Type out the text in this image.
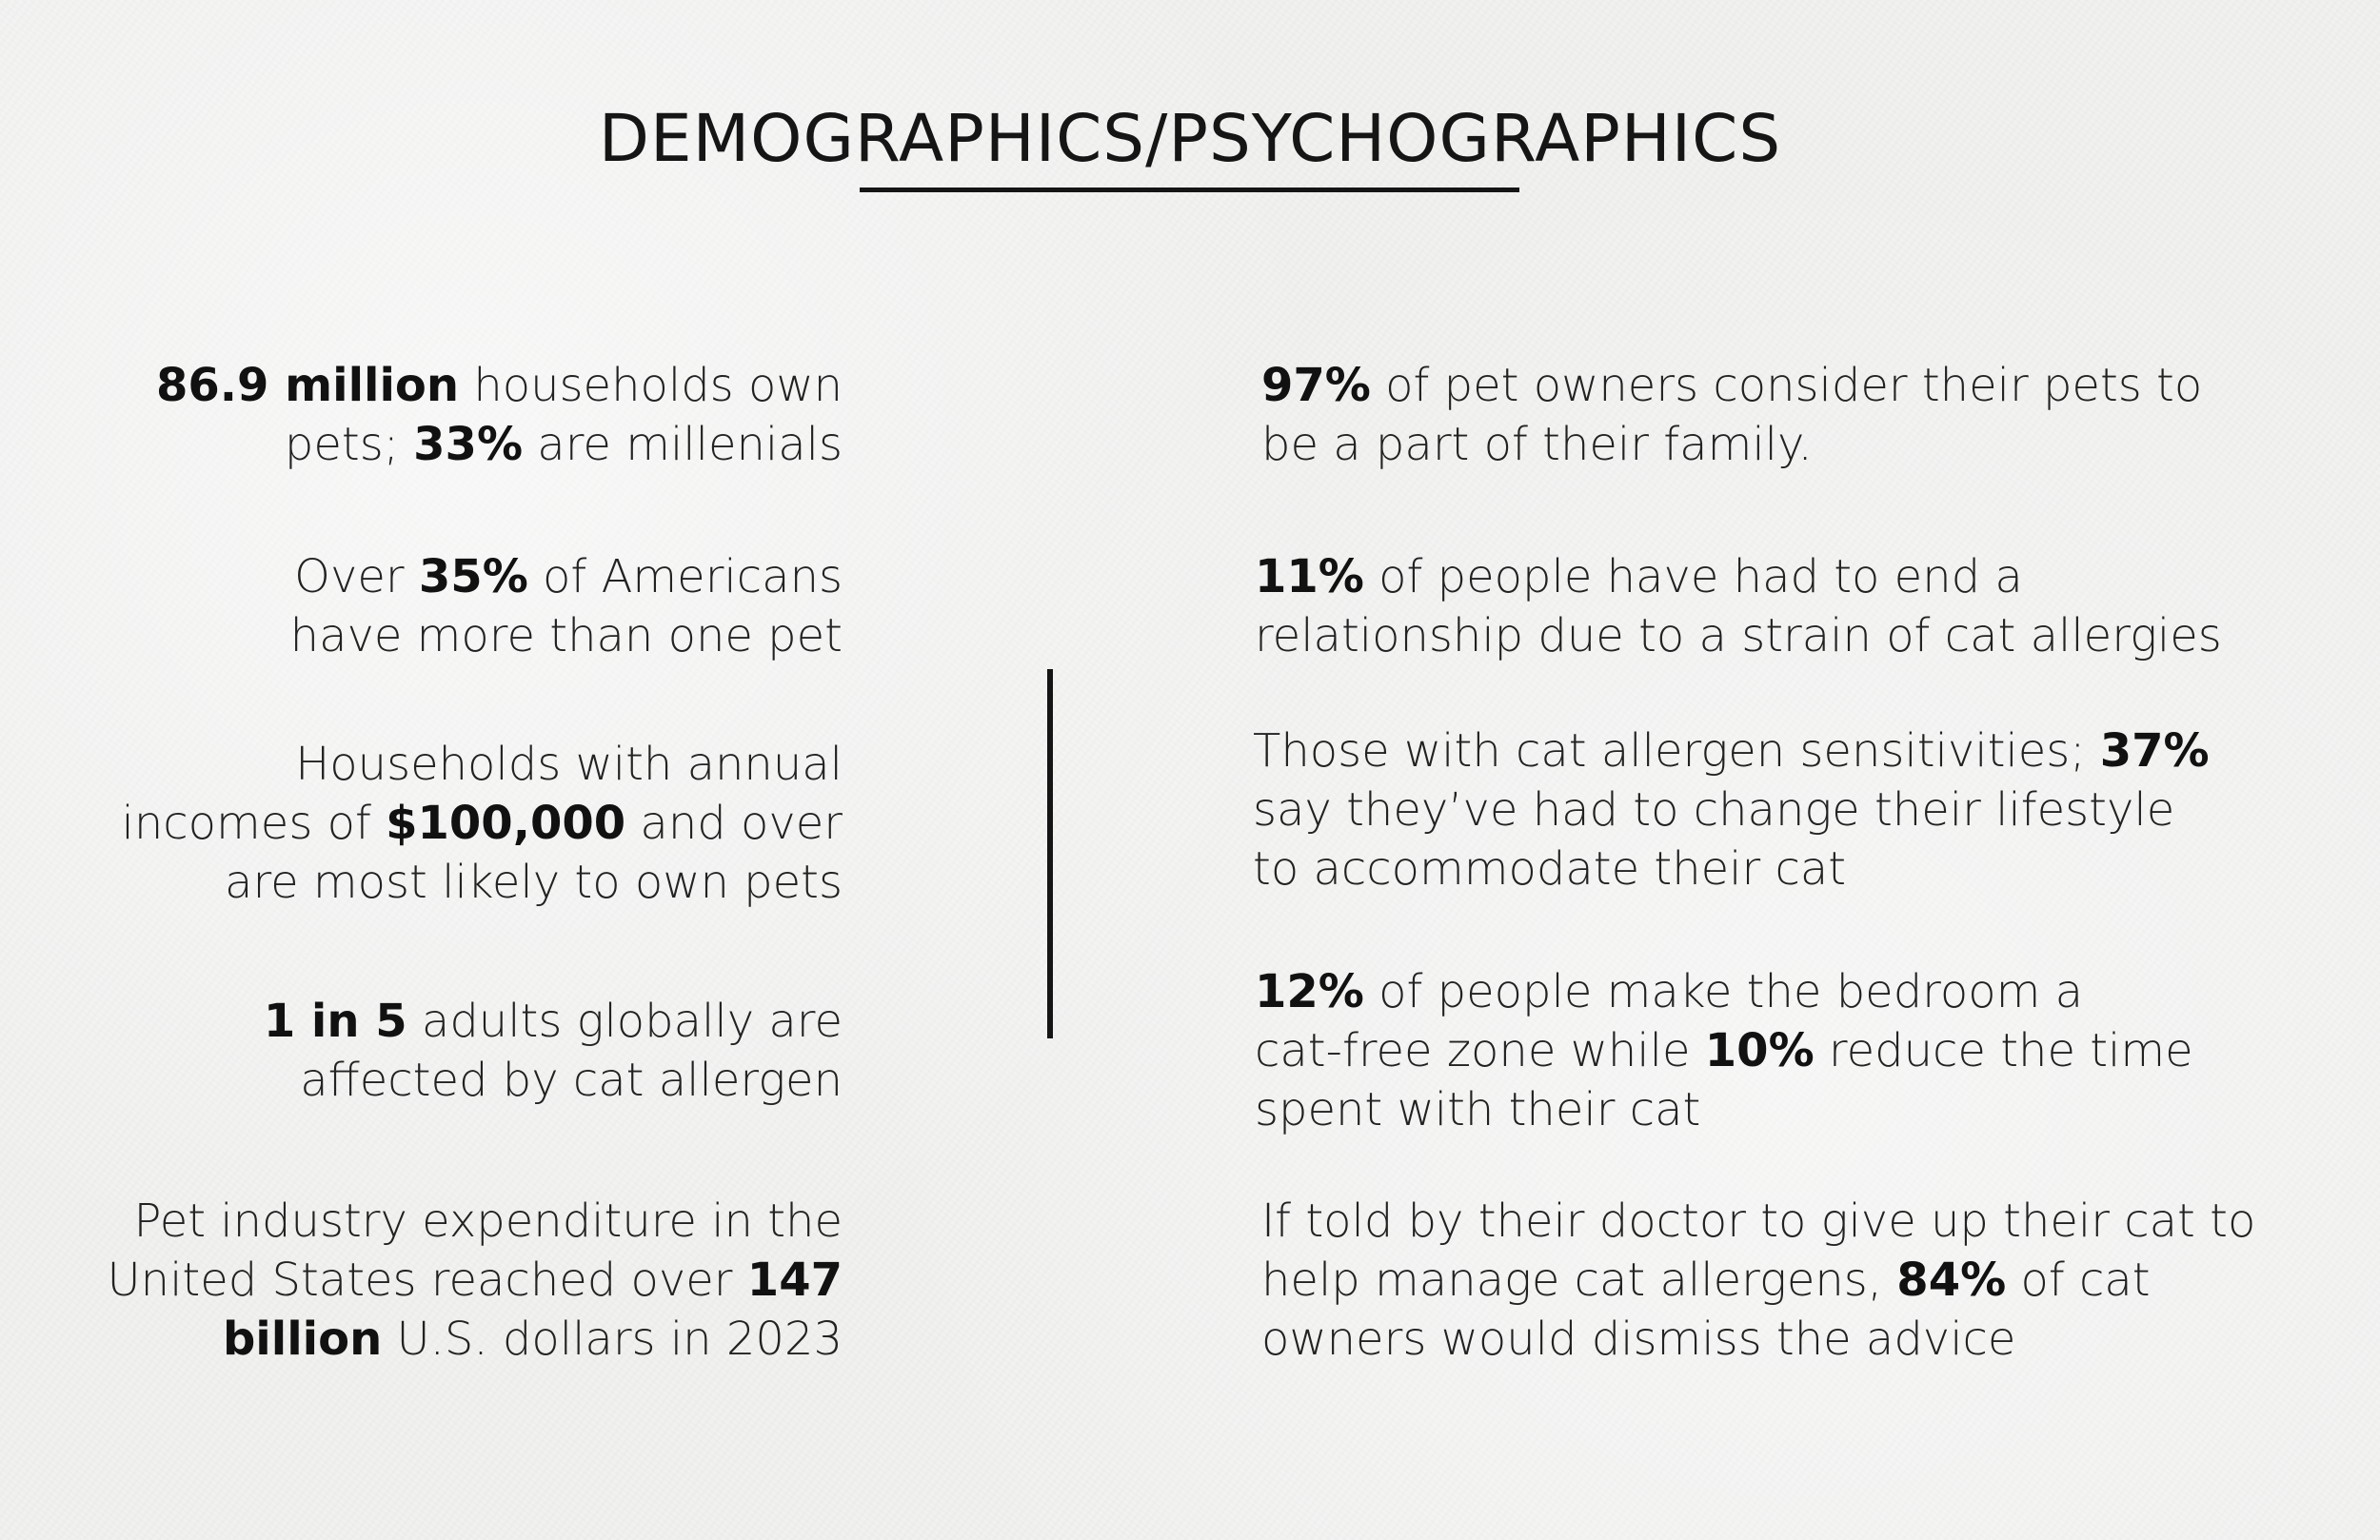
DEMOGRAPHICS/PSYCHOGRAPHICS
86.9 million households own
pets; 33% are millenials
Over 35% of Americans
have more than one pet
Households with annual
incomes of $100,000 and over
are most likely to own pets
1 in 5 adults globally are
affected by cat allergen
Pet industry expenditure in the
United States reached over 147
billion U.S. dollars in 2023
97% of pet owners consider their pets to
be a part of their family.
11% of people have had to end a
relationship due to a strain of cat allergies
Those with cat allergen sensitivities; 37%
say they’ve had to change their lifestyle
to accommodate their cat
12% of people make the bedroom a
cat-free zone while 10% reduce the time
spent with their cat
If told by their doctor to give up their cat to
help manage cat allergens, 84% of cat
owners would dismiss the advice
